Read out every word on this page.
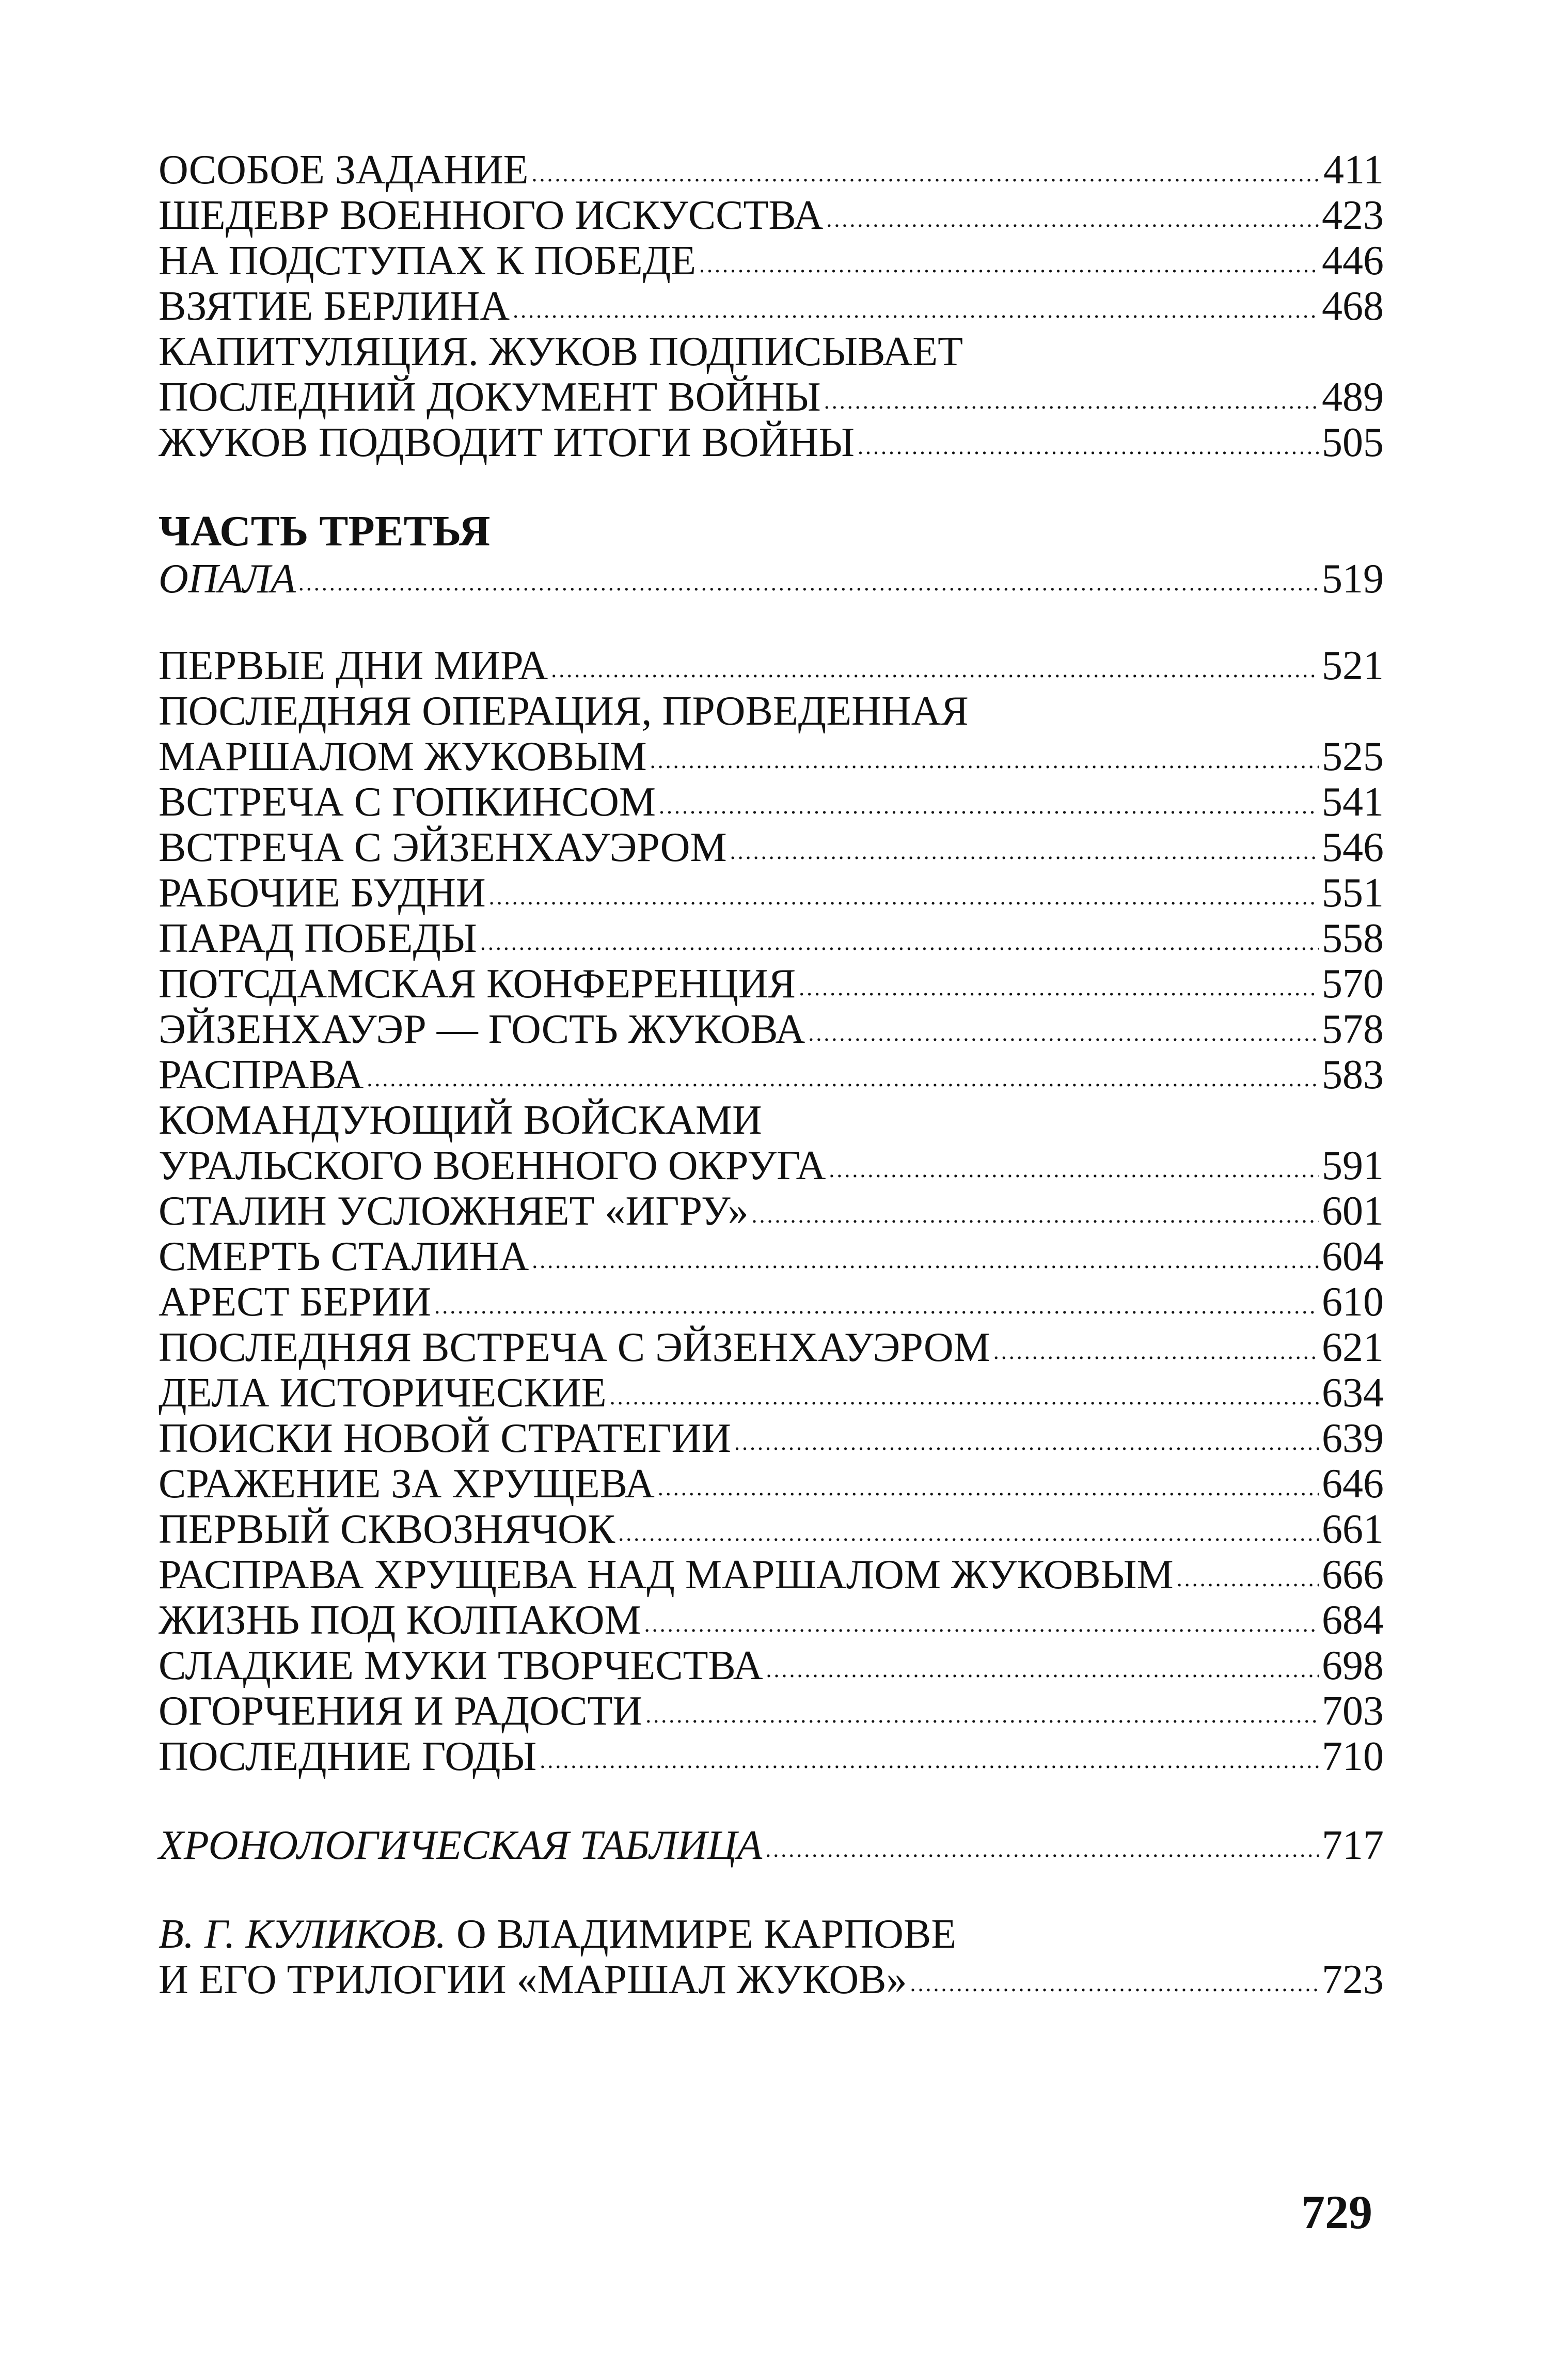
ОСОБОЕ ЗАДАНИЕ .....	411
ШЕДЕВР ВОЕННОГО ИСКУССТВА .....	423
НА ПОДСТУПАХ К ПОБЕДЕ .....	446
ВЗЯТИЕ БЕРЛИНА .....	468
КАПИТУЛЯЦИЯ. ЖУКОВ ПОДПИСЫВАЕТ
ПОСЛЕДНИЙ ДОКУМЕНТ ВОЙНЫ .....	489
ЖУКОВ ПОДВОДИТ ИТОГИ ВОЙНЫ .....	505
ЧАСТЬ ТРЕТЬЯ
ОПАЛА .....	519
ПЕРВЫЕ ДНИ МИРА .....	521
ПОСЛЕДНЯЯ ОПЕРАЦИЯ, ПРОВЕДЕННАЯ
МАРШАЛОМ ЖУКОВЫМ .....	525
ВСТРЕЧА С ГОПКИНСОМ .....	541
ВСТРЕЧА С ЭЙЗЕНХАУЭРОМ .....	546
РАБОЧИЕ БУДНИ .....	551
ПАРАД ПОБЕДЫ .....	558
ПОТСДАМСКАЯ КОНФЕРЕНЦИЯ .....	570
ЭЙЗЕНХАУЭР — ГОСТЬ ЖУКОВА .....	578
РАСПРАВА .....	583
КОМАНДУЮЩИЙ ВОЙСКАМИ
УРАЛЬСКОГО ВОЕННОГО ОКРУГА .....	591
СТАЛИН УСЛОЖНЯЕТ «ИГРУ» .....	601
СМЕРТЬ СТАЛИНА .....	604
АРЕСТ БЕРИИ .....	610
ПОСЛЕДНЯЯ ВСТРЕЧА С ЭЙЗЕНХАУЭРОМ .....	621
ДЕЛА ИСТОРИЧЕСКИЕ .....	634
ПОИСКИ НОВОЙ СТРАТЕГИИ .....	639
СРАЖЕНИЕ ЗА ХРУЩЕВА .....	646
ПЕРВЫЙ СКВОЗНЯЧОК .....	661
РАСПРАВА ХРУЩЕВА НАД МАРШАЛОМ ЖУКОВЫМ .....	666
ЖИЗНЬ ПОД КОЛПАКОМ .....	684
СЛАДКИЕ МУКИ ТВОРЧЕСТВА .....	698
ОГОРЧЕНИЯ И РАДОСТИ .....	703
ПОСЛЕДНИЕ ГОДЫ .....	710
ХРОНОЛОГИЧЕСКАЯ ТАБЛИЦА .....	717
В. Г. КУЛИКОВ. О ВЛАДИМИРЕ КАРПОВЕ
И ЕГО ТРИЛОГИИ «МАРШАЛ ЖУКОВ» .....	723
729
